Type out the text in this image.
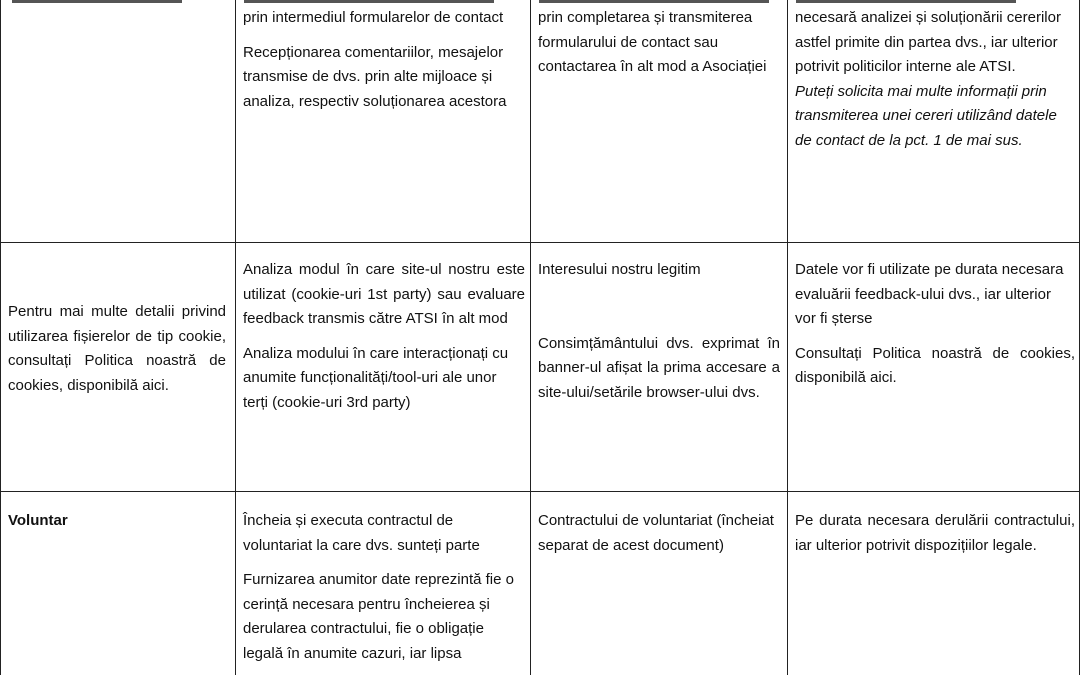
prin intermediul formularelor de contact

Recepționarea comentariilor, mesajelor transmise de dvs. prin alte mijloace și analiza, respectiv soluționarea acestora

prin completarea și transmiterea formularului de contact sau contactarea în alt mod a Asociației

necesară analizei și soluționării cererilor astfel primite din partea dvs., iar ulterior potrivit politicilor interne ale ATSI.

Puteți solicita mai multe informații prin transmiterea unei cereri utilizând datele de contact de la pct. 1 de mai sus.

Pentru mai multe detalii privind utilizarea fișierelor de tip cookie, consultați Politica noastră de cookies, disponibilă aici.

Analiza modul în care site-ul nostru este utilizat (cookie-uri 1st party) sau evaluare feedback transmis către ATSI în alt mod

Analiza modului în care interacționați cu anumite funcționalități/tool-uri ale unor terți (cookie-uri 3rd party)

Interesului nostru legitim

Consimțământului dvs. exprimat în banner-ul afișat la prima accesare a site-ului/setările browser-ului dvs.

Datele vor fi utilizate pe durata necesara evaluării feedback-ului dvs., iar ulterior vor fi șterse

Consultați Politica noastră de cookies, disponibilă aici.

Voluntar	Încheia și executa contractul de voluntariat la care dvs. sunteți parte

Furnizarea anumitor date reprezintă fie o cerință necesara pentru încheierea și derularea contractului, fie o obligație legală în anumite cazuri, iar lipsa

Contractului de voluntariat (încheiat separat de acest document)

Pe durata necesara derulării contractului, iar ulterior potrivit dispozițiilor legale.
